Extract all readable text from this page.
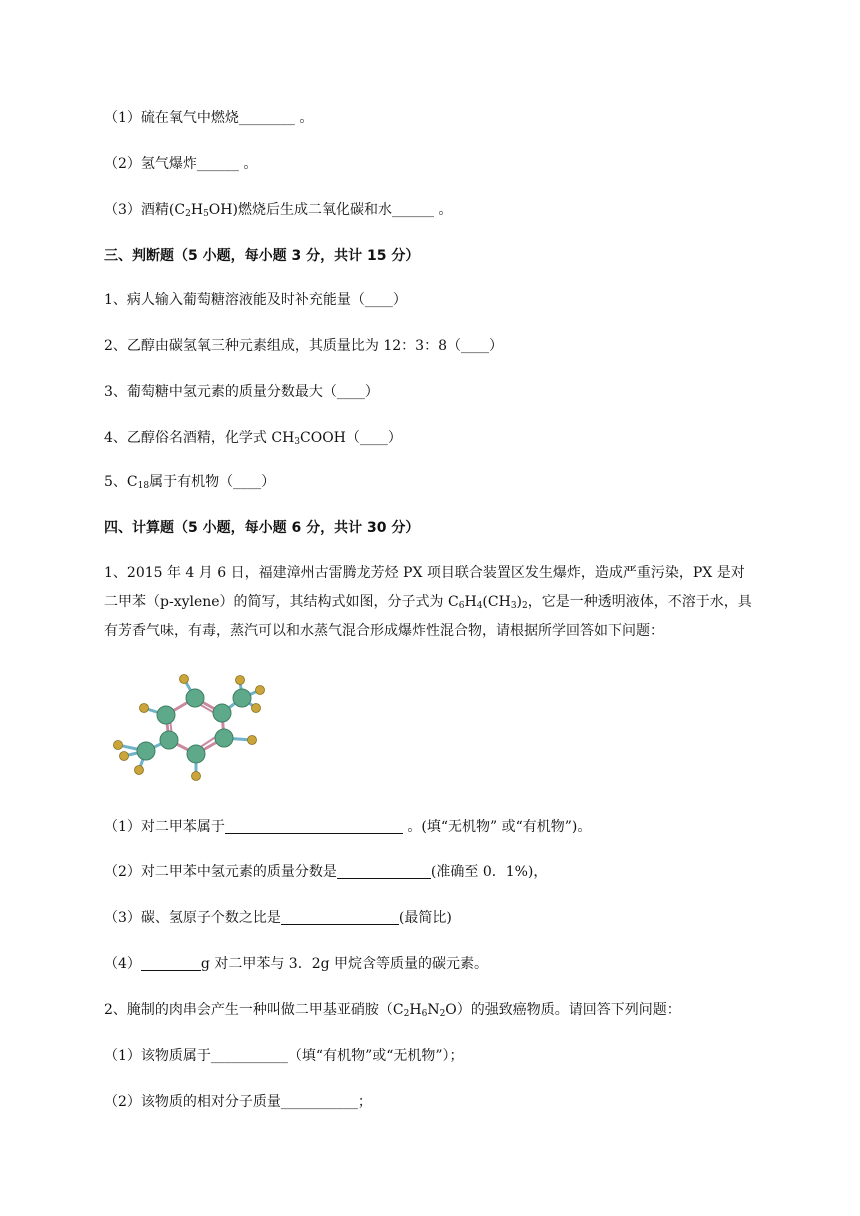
（1）硫在氧气中燃烧________ 。
（2）氢气爆炸______ 。
（3）酒精$(C_2H_5OH)$燃烧后生成二氧化碳和水______ 。
三、判断题（5 小题，每小题 3 分，共计 15 分）
1、病人输入葡萄糖溶液能及时补充能量（____）
2、乙醇由碳氢氧三种元素组成，其质量比为 12：3：8（____）
3、葡萄糖中氢元素的质量分数最大（____）
4、乙醇俗名酒精，化学式 $CH_3COOH(\_\_\_\_)$
5、$C_{18}$属于有机物（____）
四、计算题（5 小题，每小题 6 分，共计 30 分）
1、2015 年 4 月 6 日，福建漳州古雷腾龙芳烃 PX 项目联合装置区发生爆炸，造成严重污染，PX 是对
二甲苯（p-xylene）的简写，其结构式如图，分子式为 $C_6H_4(CH_3)_2$，它是一种透明液体，不溶于水，具
有芳香气味，有毒，蒸汽可以和水蒸气混合形成爆炸性混合物，请根据所学回答如下问题：
（1）对二甲苯属于	。(填“无机物” 或“有机物”)。
（2）对二甲苯中氢元素的质量分数是	(准确至 0．1%)，
（3）碳、氢原子个数之比是	(最简比)
（4）	g 对二甲苯与 3．2g 甲烷含等质量的碳元素。
2、腌制的肉串会产生一种叫做二甲基亚硝胺$(C_2H_6N_2O)$的强致癌物质。请回答下列问题：
（1）该物质属于___________（填“有机物”或“无机物”）；
（2）该物质的相对分子质量___________；
